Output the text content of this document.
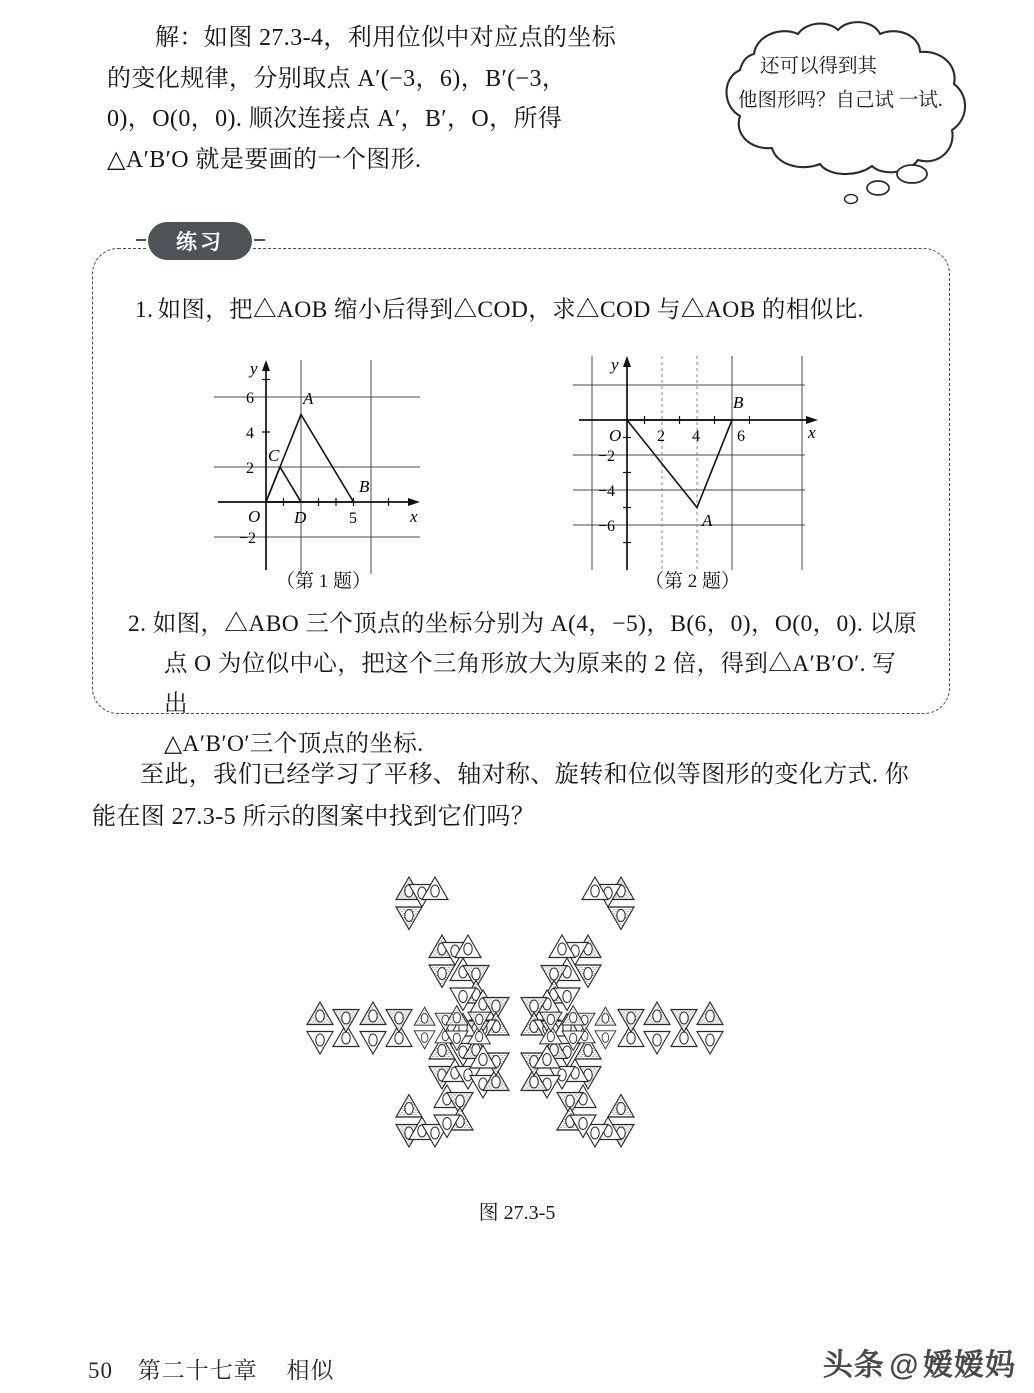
解：如图 27.3-4，利用位似中对应点的坐标
的变化规律，分别取点 A′(−3，6)，B′(−3，
0)，O(0，0). 顺次连接点 A′，B′，O，所得
△A′B′O 就是要画的一个图形.
还可以得到其
他图形吗？自己试 一试.
练习
1. 如图，把△AOB 缩小后得到△COD，求△COD 与△AOB 的相似比.
y
x
O
6
4
2
−2
5
A
B
C
D
（第 1 题）
y
x
O 2 4 6
−2
−4
−6	A
B
（第 2 题）
2. 如图，△ABO 三个顶点的坐标分别为 A(4，−5)，B(6，0)，O(0，0). 以原
点 O 为位似中心，把这个三角形放大为原来的 2 倍，得到△A′B′O′. 写出
△A′B′O′三个顶点的坐标.
至此，我们已经学习了平移、轴对称、旋转和位似等图形的变化方式. 你
能在图 27.3-5 所示的图案中找到它们吗？
图 27.3-5
50 第二十七章 相似	头条 @ 嫒嫒妈
